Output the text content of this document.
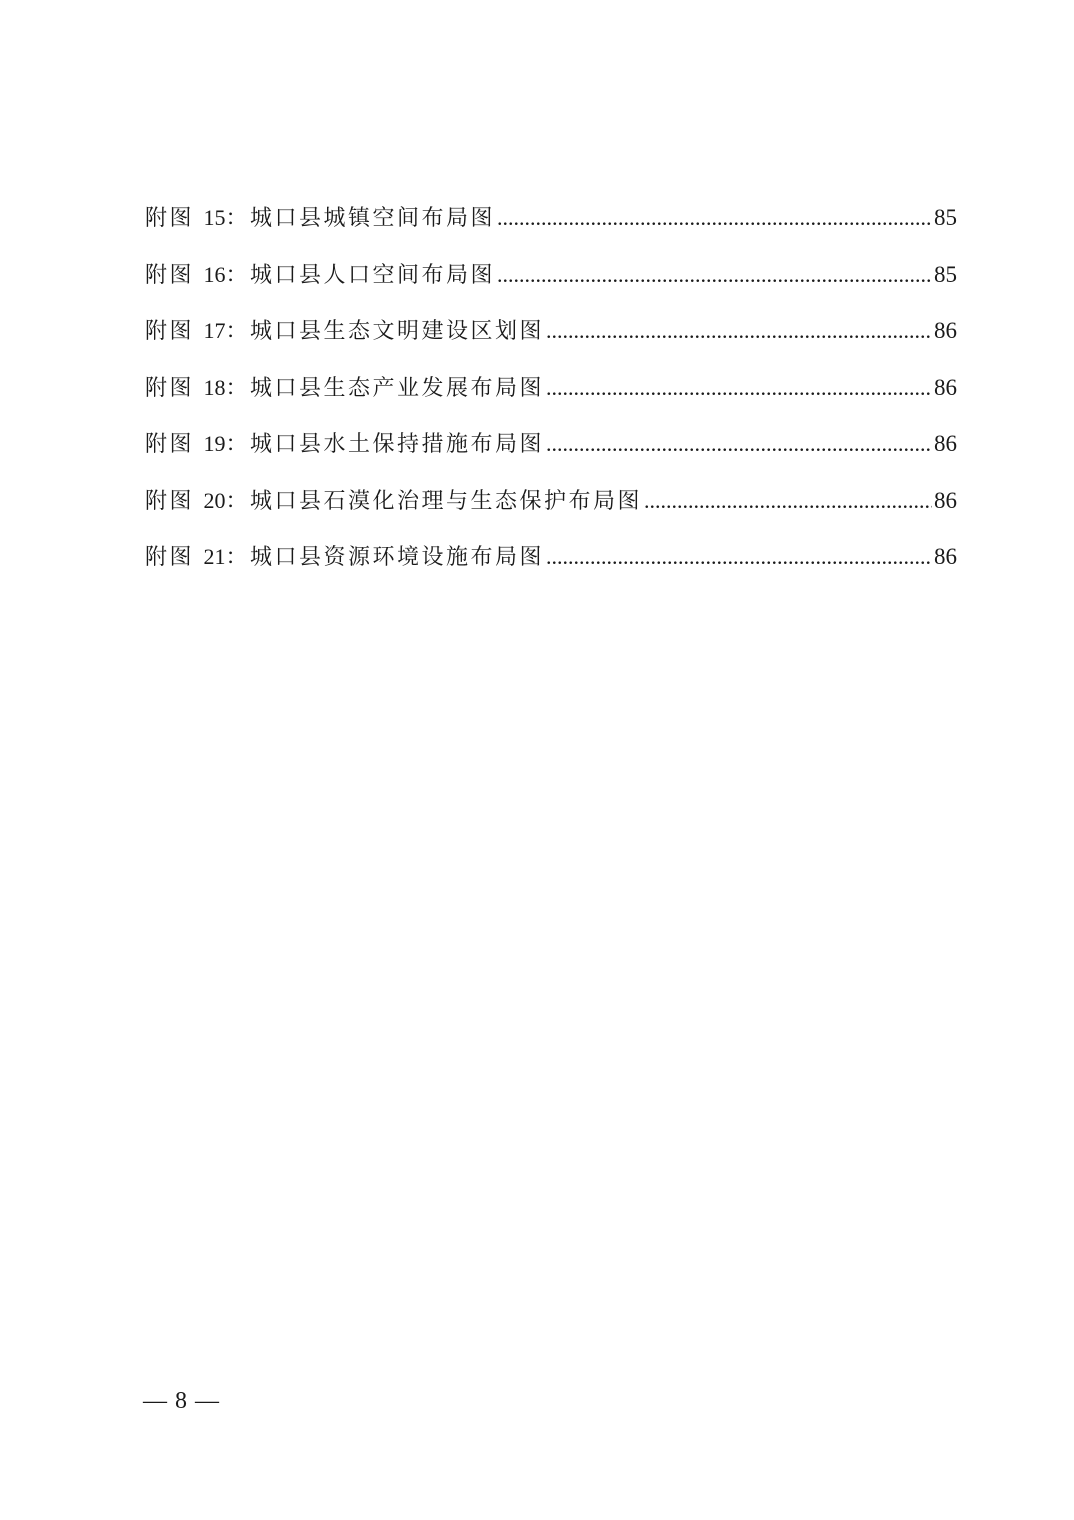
附图 15：城口县城镇空间布局图 .....	85
附图 16：城口县人口空间布局图 .....	85
附图 17：城口县生态文明建设区划图 .....	86
附图 18：城口县生态产业发展布局图 .....	86
附图 19：城口县水土保持措施布局图 .....	86
附图 20：城口县石漠化治理与生态保护布局图 .....	86
附图 21：城口县资源环境设施布局图 .....	86
— 8 —
